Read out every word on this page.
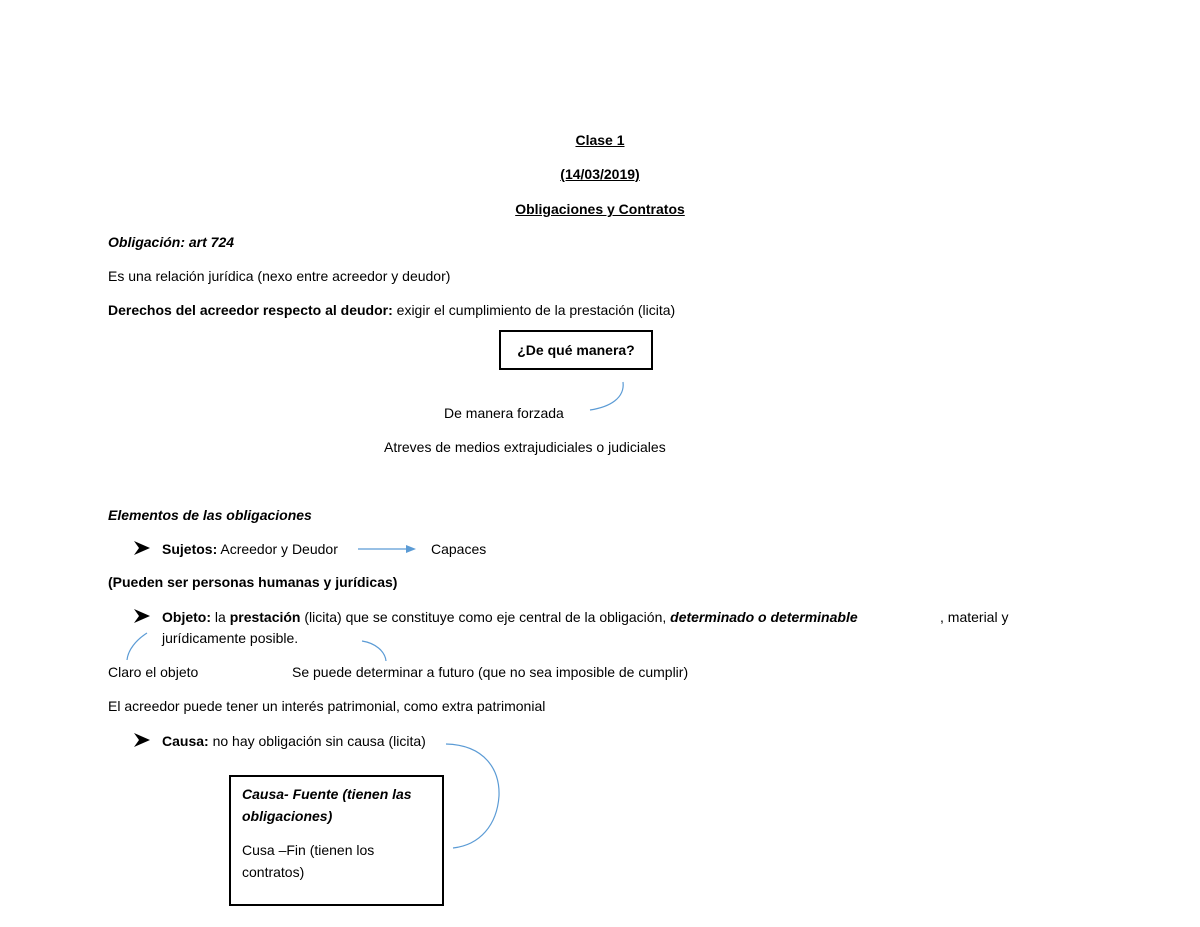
Clase 1
(14/03/2019)
Obligaciones y Contratos
Obligación: art 724
Es una relación jurídica (nexo entre acreedor y deudor)
Derechos del acreedor respecto al deudor: exigir el cumplimiento de la prestación (licita)
¿De qué manera?
De manera forzada
Atreves de medios extrajudiciales o judiciales
Elementos de las obligaciones
Sujetos: Acreedor y Deudor	Capaces
(Pueden ser personas humanas y jurídicas)
Objeto: la prestación (licita) que se constituye como eje central de la obligación, determinado o determinable	, material y
jurídicamente posible.
Claro el objeto	Se puede determinar a futuro (que no sea imposible de cumplir)
El acreedor puede tener un interés patrimonial, como extra patrimonial
Causa: no hay obligación sin causa (licita)
Causa- Fuente (tienen las
obligaciones)
Cusa –Fin (tienen los
contratos)
